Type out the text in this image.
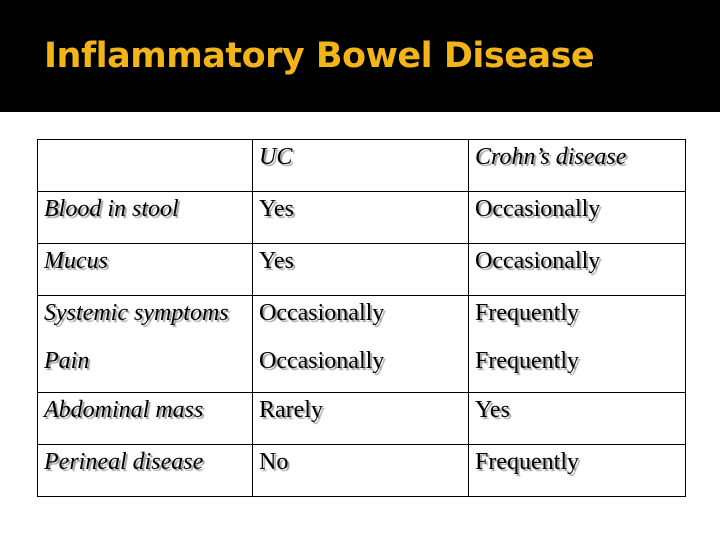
Inflammatory Bowel Disease
	UC	Crohn’s disease
Blood in stool	Yes	Occasionally
Mucus	Yes	Occasionally
Systemic symptoms	Occasionally	Frequently
Pain	Occasionally	Frequently
Abdominal mass	Rarely	Yes
Perineal disease	No	Frequently
